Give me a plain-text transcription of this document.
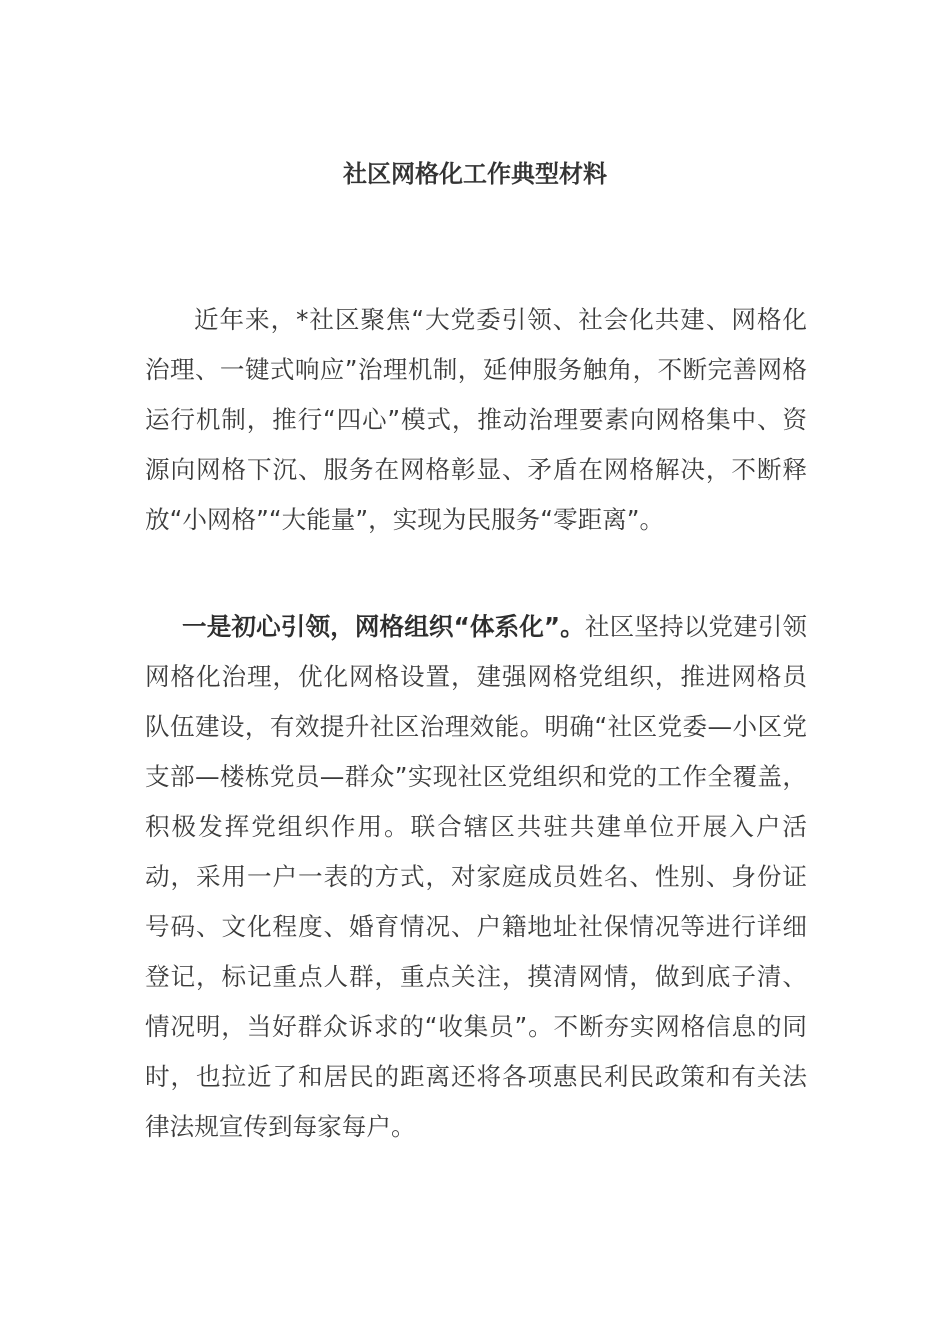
社区网格化工作典型材料

近年来，*社区聚焦“大党委引领、社会化共建、网格化治理、一键式响应”治理机制，延伸服务触角，不断完善网格运行机制，推行“四心”模式，推动治理要素向网格集中、资源向网格下沉、服务在网格彰显、矛盾在网格解决，不断释放“小网格”“大能量”，实现为民服务“零距离”。

一是初心引领，网格组织“体系化”。社区坚持以党建引领网格化治理，优化网格设置，建强网格党组织，推进网格员队伍建设，有效提升社区治理效能。明确“社区党委—小区党支部—楼栋党员—群众”实现社区党组织和党的工作全覆盖，积极发挥党组织作用。联合辖区共驻共建单位开展入户活动，采用一户一表的方式，对家庭成员姓名、性别、身份证号码、文化程度、婚育情况、户籍地址社保情况等进行详细登记，标记重点人群，重点关注，摸清网情，做到底子清、情况明，当好群众诉求的“收集员”。不断夯实网格信息的同时，也拉近了和居民的距离还将各项惠民利民政策和有关法律法规宣传到每家每户。
